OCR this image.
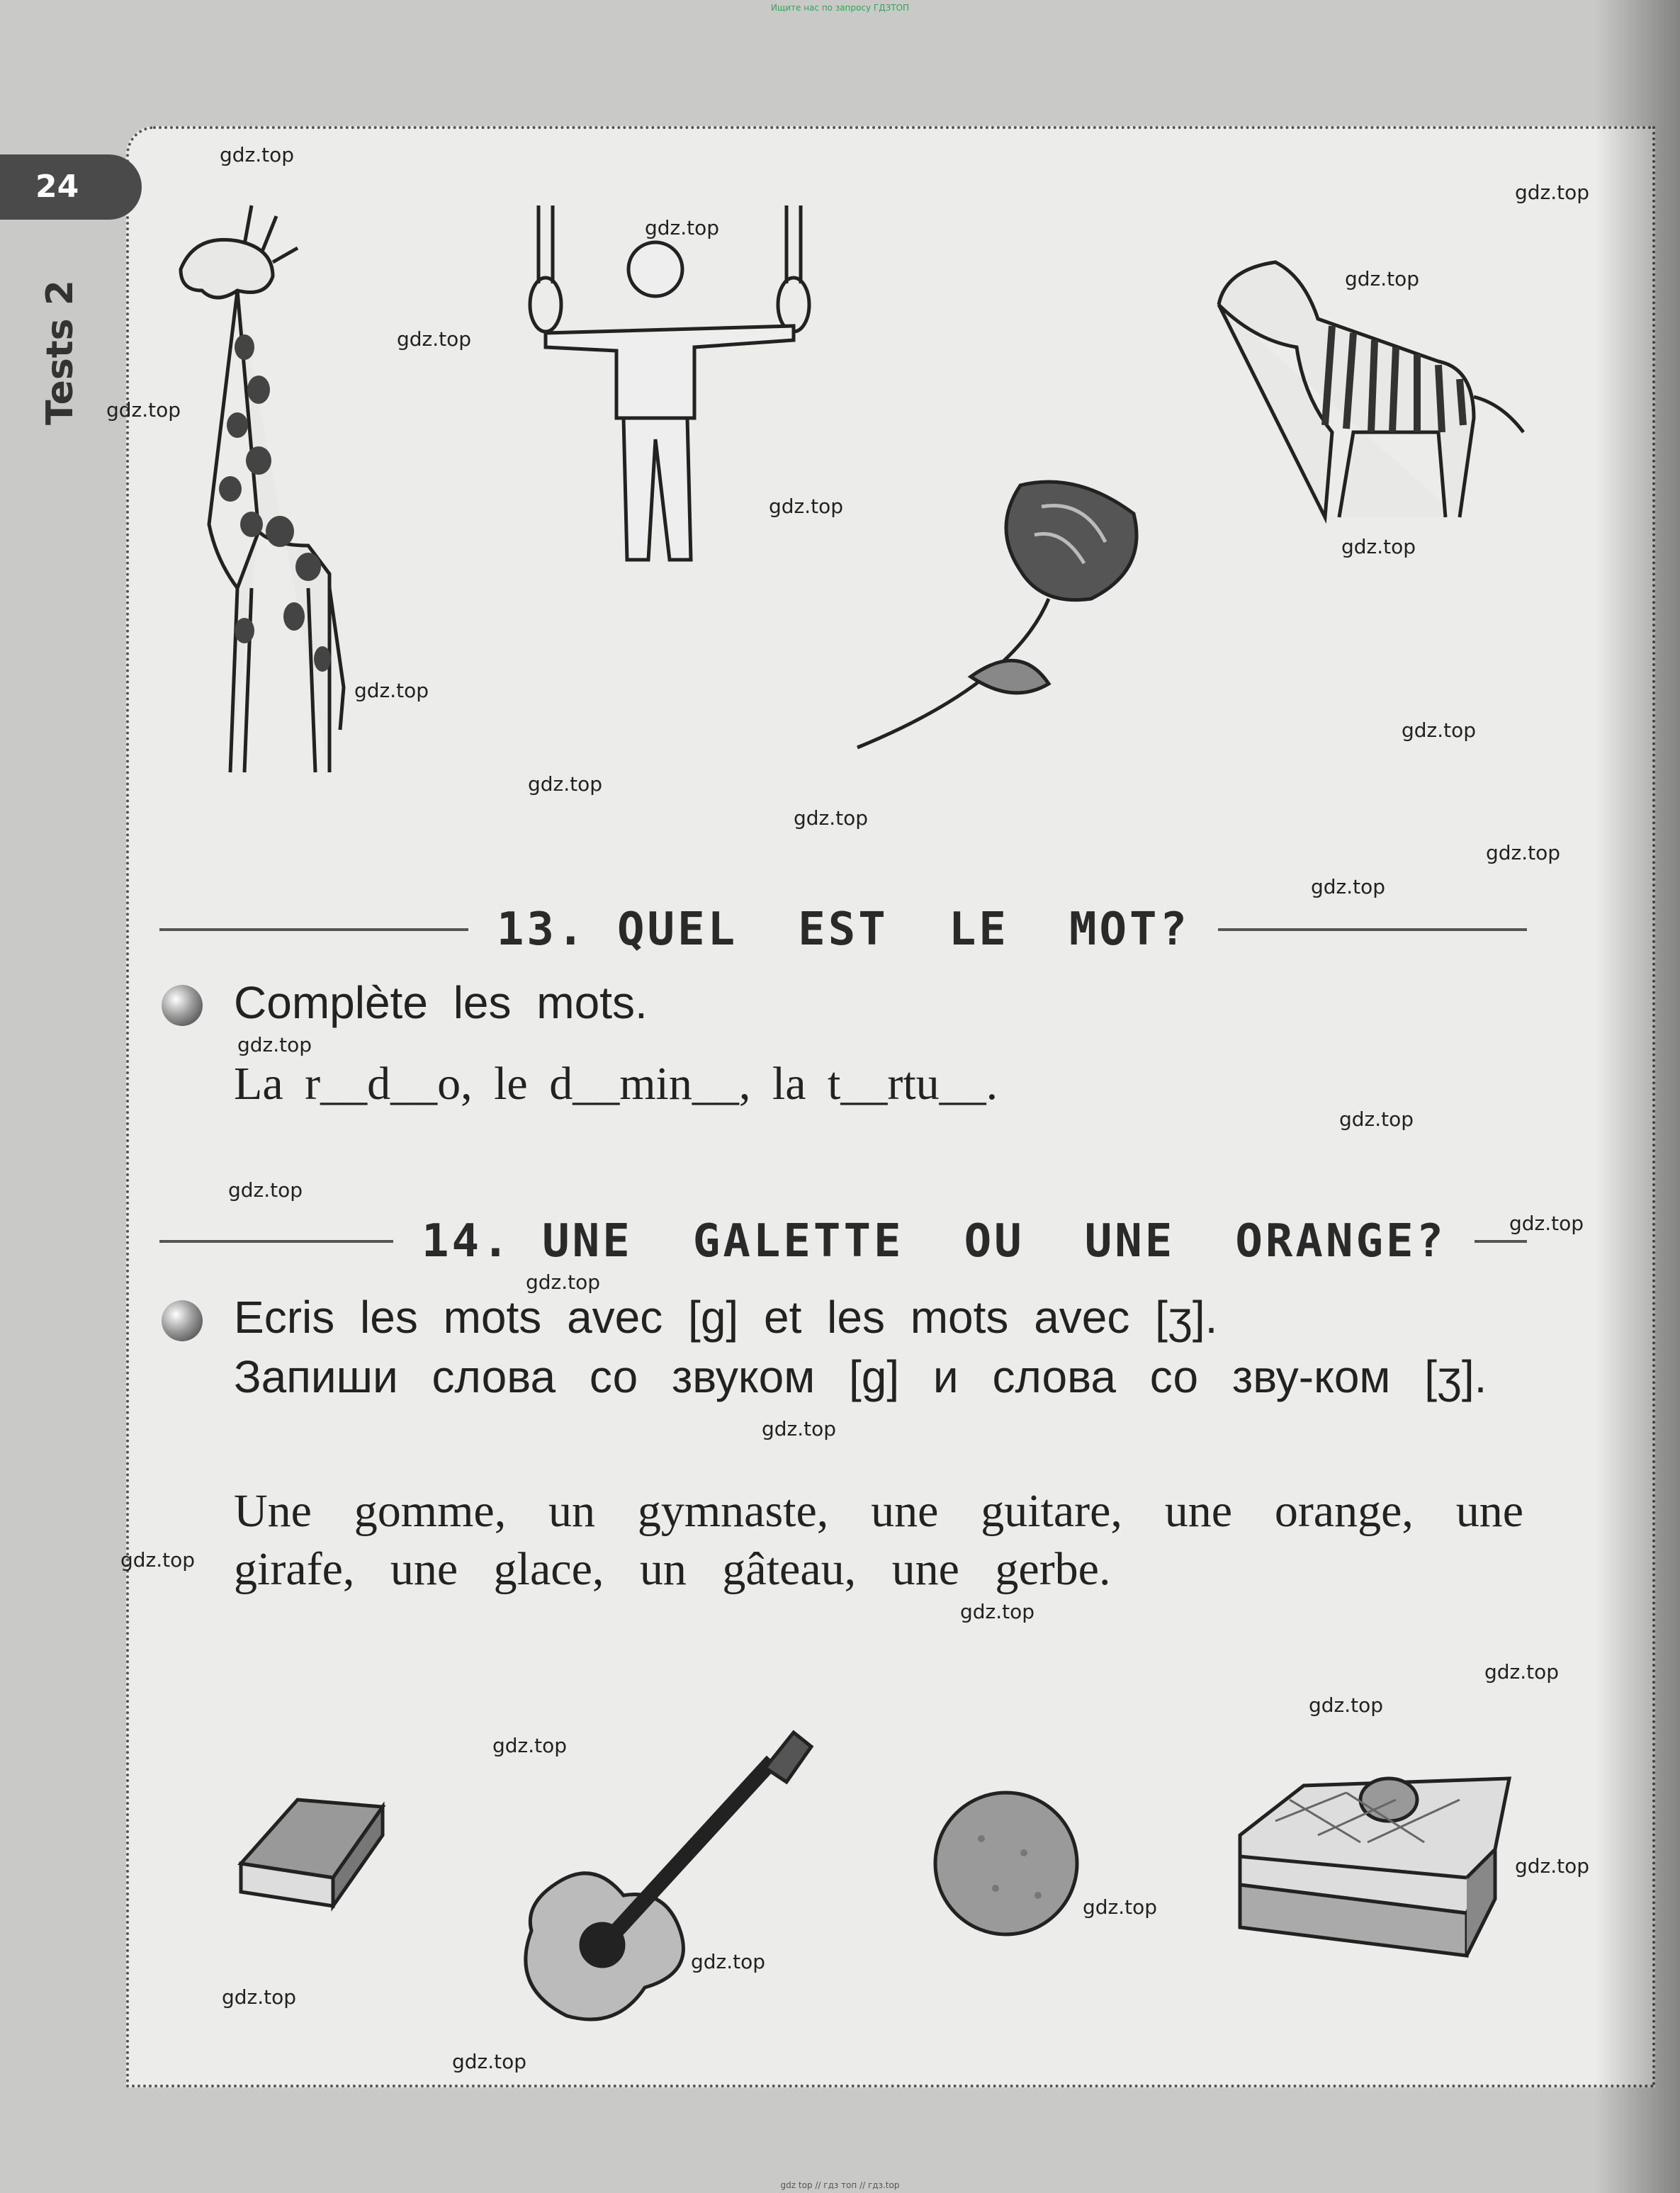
Ищите нас по запросу ГДЗТОП
24
Tests 2
13. QUEL  EST  LE  MOT?
Complète les mots.
La r__d__o, le d__min__, la t__rtu__.
14. UNE  GALETTE  OU  UNE  ORANGE?
Ecris les mots avec [g] et les mots avec [ʒ].
Запиши слова со звуком [g] и слова со зву-ком [ʒ].
Une gomme, un gymnaste, une guitare, une orange, une girafe, une glace, un gâteau, une gerbe.
gdz.top
gdz.top
gdz.top
gdz.top
gdz.top
gdz.top
gdz.top
gdz.top
gdz.top
gdz.top
gdz.top
gdz.top
gdz.top
gdz.top
gdz.top
gdz.top
gdz.top
gdz.top
gdz.top
gdz.top
gdz.top
gdz.top
gdz.top
gdz.top
gdz.top
gdz.top
gdz.top
gdz.top
gdz.top
gdz.top
gdz top // гдз топ // гдз.top
